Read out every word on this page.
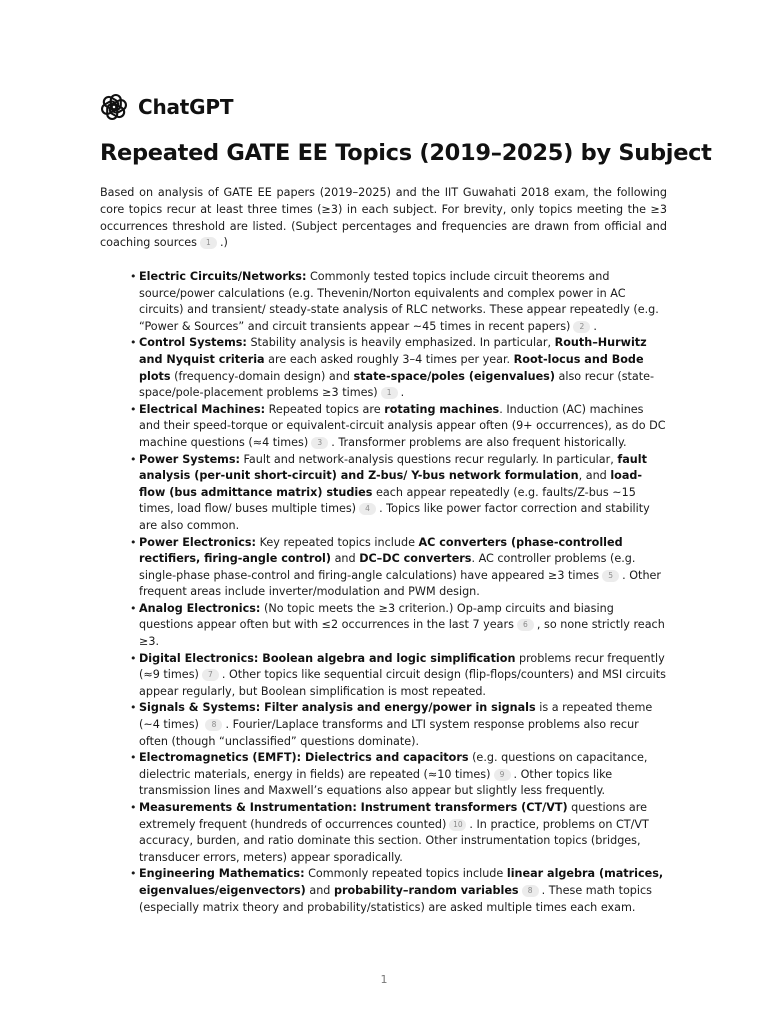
ChatGPT
Repeated GATE EE Topics (2019–2025) by Subject

Based on analysis of GATE EE papers (2019–2025) and the IIT Guwahati 2018 exam, the following core topics recur at least three times (≥3) in each subject. For brevity, only topics meeting the ≥3 occurrences threshold are listed. (Subject percentages and frequencies are drawn from official and coaching sources 1 .)

• Electric Circuits/Networks: Commonly tested topics include circuit theorems and source/power calculations (e.g. Thevenin/Norton equivalents and complex power in AC circuits) and transient/ steady-state analysis of RLC networks. These appear repeatedly (e.g. “Power & Sources” and circuit transients appear ~45 times in recent papers) 2 .
• Control Systems: Stability analysis is heavily emphasized. In particular, Routh–Hurwitz and Nyquist criteria are each asked roughly 3–4 times per year. Root-locus and Bode plots (frequency-domain design) and state-space/poles (eigenvalues) also recur (state-space/pole-placement problems ≥3 times) 1 .
• Electrical Machines: Repeated topics are rotating machines. Induction (AC) machines and their speed-torque or equivalent-circuit analysis appear often (9+ occurrences), as do DC machine questions (≈4 times) 3 . Transformer problems are also frequent historically.
• Power Systems: Fault and network-analysis questions recur regularly. In particular, fault analysis (per-unit short-circuit) and Z-bus/ Y-bus network formulation, and load-flow (bus admittance matrix) studies each appear repeatedly (e.g. faults/Z-bus ~15 times, load flow/ buses multiple times) 4 . Topics like power factor correction and stability are also common.
• Power Electronics: Key repeated topics include AC converters (phase-controlled rectifiers, firing-angle control) and DC–DC converters. AC controller problems (e.g. single-phase phase-control and firing-angle calculations) have appeared ≥3 times 5 . Other frequent areas include inverter/modulation and PWM design.
• Analog Electronics: (No topic meets the ≥3 criterion.) Op-amp circuits and biasing questions appear often but with ≤2 occurrences in the last 7 years 6 , so none strictly reach ≥3.
• Digital Electronics: Boolean algebra and logic simplification problems recur frequently (≈9 times) 7 . Other topics like sequential circuit design (flip-flops/counters) and MSI circuits appear regularly, but Boolean simplification is most repeated.
• Signals & Systems: Filter analysis and energy/power in signals is a repeated theme (~4 times) 8 . Fourier/Laplace transforms and LTI system response problems also recur often (though “unclassified” questions dominate).
• Electromagnetics (EMFT): Dielectrics and capacitors (e.g. questions on capacitance, dielectric materials, energy in fields) are repeated (≈10 times) 9 . Other topics like transmission lines and Maxwell’s equations also appear but slightly less frequently.
• Measurements & Instrumentation: Instrument transformers (CT/VT) questions are extremely frequent (hundreds of occurrences counted) 10 . In practice, problems on CT/VT accuracy, burden, and ratio dominate this section. Other instrumentation topics (bridges, transducer errors, meters) appear sporadically.
• Engineering Mathematics: Commonly repeated topics include linear algebra (matrices, eigenvalues/eigenvectors) and probability–random variables 8 . These math topics (especially matrix theory and probability/statistics) are asked multiple times each exam.
1
